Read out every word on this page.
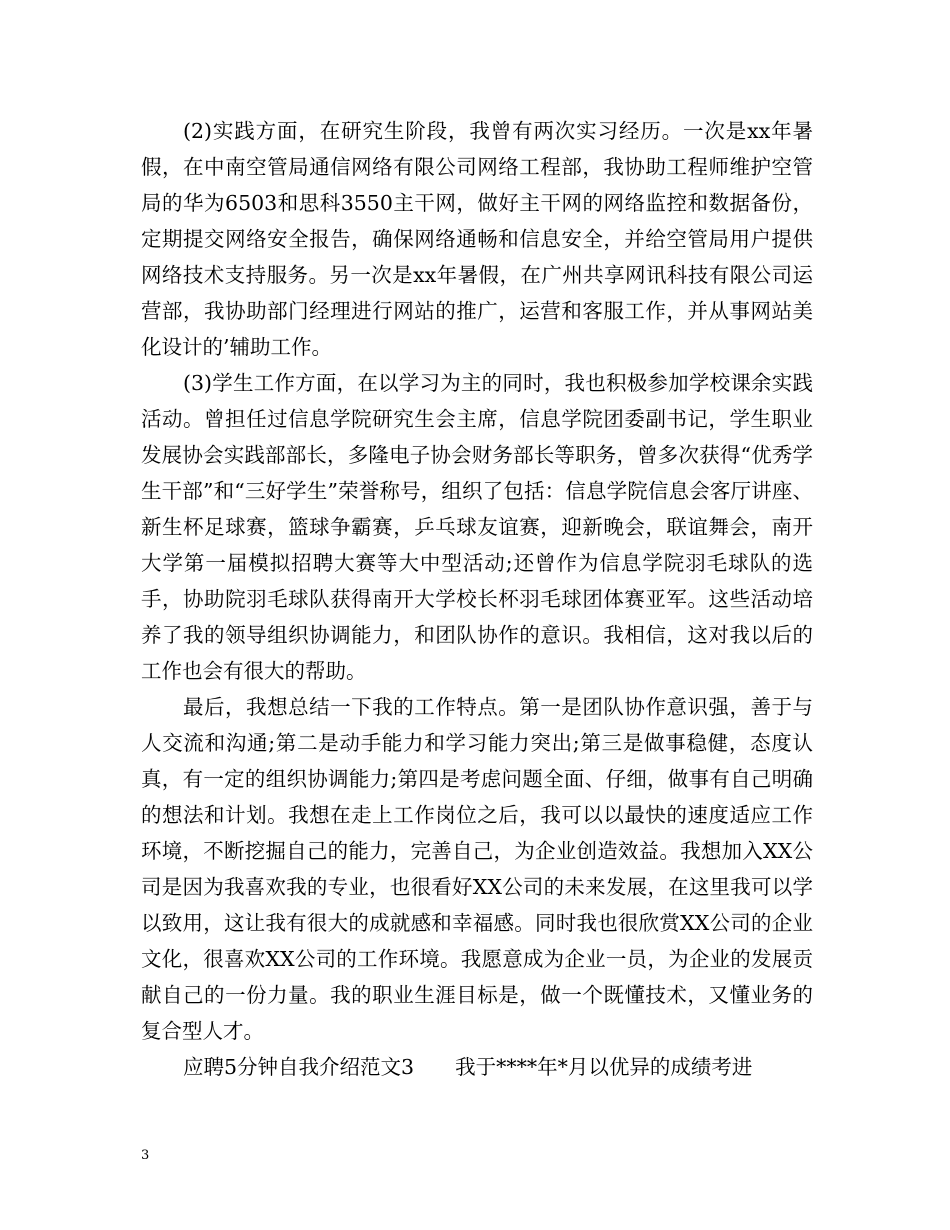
(2)实践方面，在研究生阶段，我曾有两次实习经历。一次是xx年暑假，在中南空管局通信网络有限公司网络工程部，我协助工程师维护空管局的华为6503和思科3550主干网，做好主干网的网络监控和数据备份，定期提交网络安全报告，确保网络通畅和信息安全，并给空管局用户提供网络技术支持服务。另一次是xx年暑假，在广州共享网讯科技有限公司运营部，我协助部门经理进行网站的推广，运营和客服工作，并从事网站美化设计的’辅助工作。

(3)学生工作方面，在以学习为主的同时，我也积极参加学校课余实践活动。曾担任过信息学院研究生会主席，信息学院团委副书记，学生职业发展协会实践部部长，多隆电子协会财务部长等职务，曾多次获得“优秀学生干部”和“三好学生”荣誉称号，组织了包括：信息学院信息会客厅讲座、新生杯足球赛，篮球争霸赛，乒乓球友谊赛，迎新晚会，联谊舞会，南开大学第一届模拟招聘大赛等大中型活动;还曾作为信息学院羽毛球队的选手，协助院羽毛球队获得南开大学校长杯羽毛球团体赛亚军。这些活动培养了我的领导组织协调能力，和团队协作的意识。我相信，这对我以后的工作也会有很大的帮助。

最后，我想总结一下我的工作特点。第一是团队协作意识强，善于与人交流和沟通;第二是动手能力和学习能力突出;第三是做事稳健，态度认真，有一定的组织协调能力;第四是考虑问题全面、仔细，做事有自己明确的想法和计划。我想在走上工作岗位之后，我可以以最快的速度适应工作环境，不断挖掘自己的能力，完善自己，为企业创造效益。我想加入XX公司是因为我喜欢我的专业，也很看好XX公司的未来发展，在这里我可以学以致用，这让我有很大的成就感和幸福感。同时我也很欣赏XX公司的企业文化，很喜欢XX公司的工作环境。我愿意成为企业一员，为企业的发展贡献自己的一份力量。我的职业生涯目标是，做一个既懂技术，又懂业务的复合型人才。

应聘5分钟自我介绍范文3　　我于****年*月以优异的成绩考进

3
